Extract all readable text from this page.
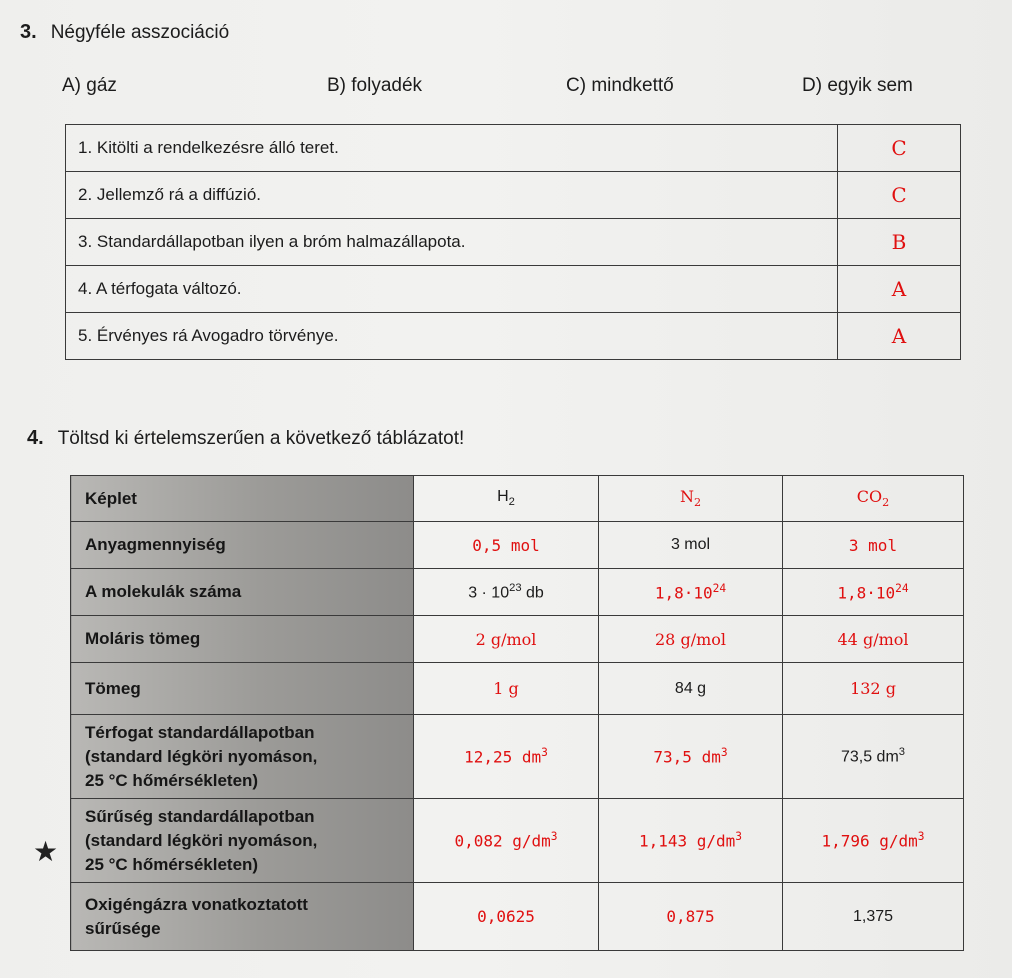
3. Négyféle asszociáció
A) gáz	B) folyadék	C) mindkettő	D) egyik sem
1. Kitölti a rendelkezésre álló teret.	C
2. Jellemző rá a diffúzió.	C
3. Standardállapotban ilyen a bróm halmazállapota.	B
4. A térfogata változó.	A
5. Érvényes rá Avogadro törvénye.	A
4. Töltsd ki értelemszerűen a következő táblázatot!
★
Képlet	$H_2$	$N_2$	$CO_2$
Anyagmennyiség	0,5 mol	3 mol	3 mol
A molekulák száma	$3 \cdot 10^{23}$ db	$1,8\cdot 10^{24}$	$1,8\cdot 10^{24}$
Moláris tömeg	2 g/mol	28 g/mol	44 g/mol
Tömeg	1 g	84 g	132 g

Térfogat standardállapotban
(standard légköri nyomáson,
25 °C hőmérsékleten)	12,25 $dm^3$	73,5 $dm^3$	73,5 $dm^3$

Sűrűség standardállapotban
(standard légköri nyomáson,
25 °C hőmérsékleten)	0,082 $g/dm^3$	1,143 $g/dm^3$	1,796 $g/dm^3$

Oxigéngázra vonatkoztatott
sűrűsége	0,0625	0,875	1,375
